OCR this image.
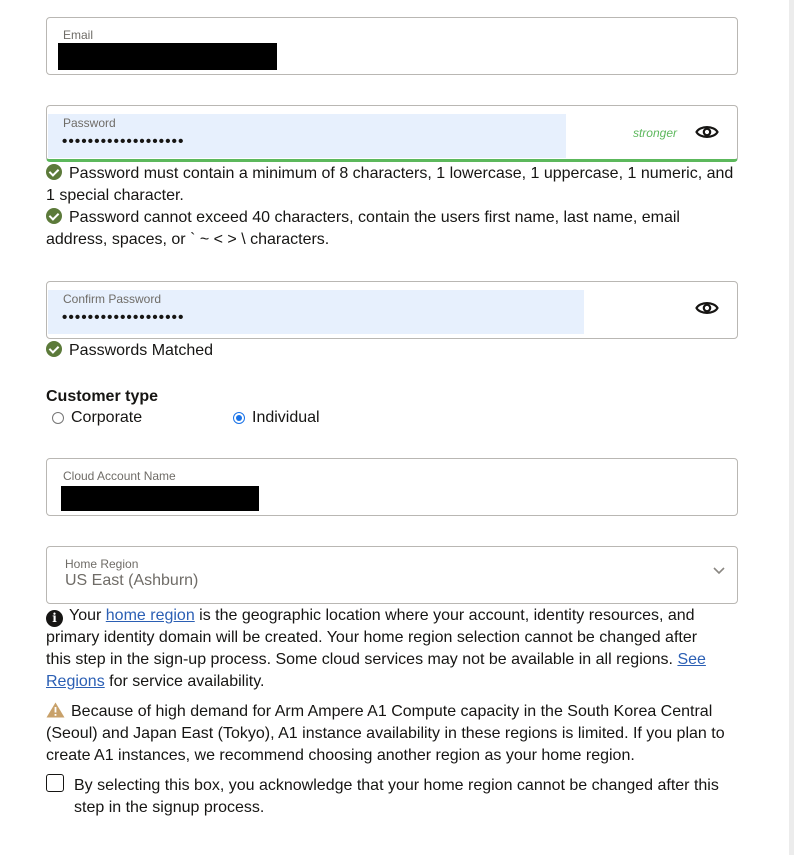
Email
Password
•••••••••••••••••••	stronger
Password must contain a minimum of 8 characters, 1 lowercase, 1 uppercase, 1 numeric, and 1 special character.
Password cannot exceed 40 characters, contain the users first name, last name, email address, spaces, or ` ~ < > \ characters.
Confirm Password
•••••••••••••••••••
Passwords Matched
Customer type
Corporate	Individual
Cloud Account Name
Home Region
US East (Ashburn)
i Your home region is the geographic location where your account, identity resources, and primary identity domain will be created. Your home region selection cannot be changed after this step in the sign-up process. Some cloud services may not be available in all regions. See Regions for service availability.
Because of high demand for Arm Ampere A1 Compute capacity in the South Korea Central (Seoul) and Japan East (Tokyo), A1 instance availability in these regions is limited. If you plan to create A1 instances, we recommend choosing another region as your home region.
By selecting this box, you acknowledge that your home region cannot be changed after this step in the signup process.
